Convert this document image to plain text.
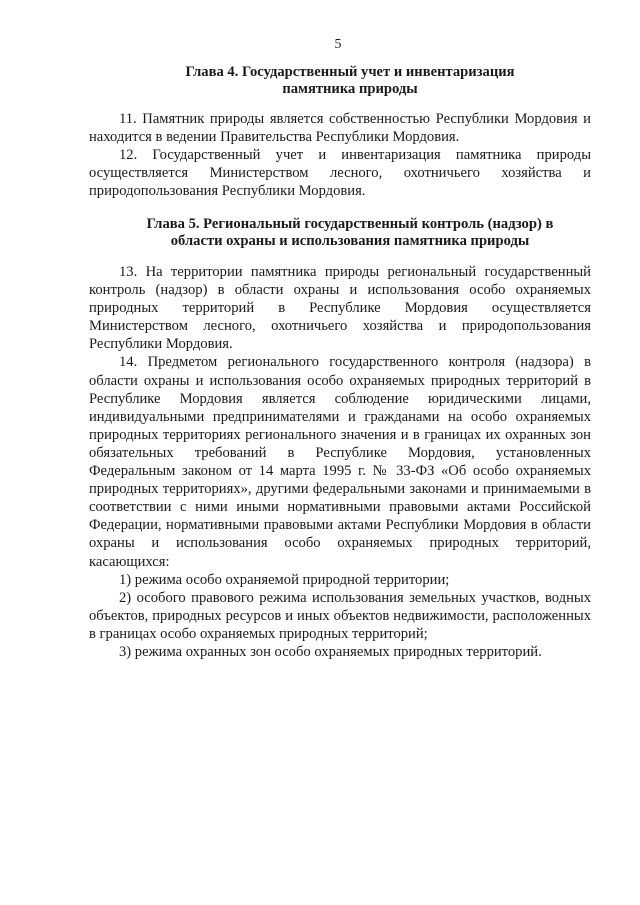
5
Глава 4. Государственный учет и инвентаризация
памятника природы

11. Памятник природы является собственностью Республики Мордовия и находится в ведении Правительства Республики Мордовия.

12. Государственный учет и инвентаризация памятника природы осуществляется Министерством лесного, охотничьего хозяйства и природопользования Республики Мордовия.

Глава 5. Региональный государственный контроль (надзор) в
области охраны и использования памятника природы

13. На территории памятника природы региональный государственный контроль (надзор) в области охраны и использования особо охраняемых природных территорий в Республике Мордовия осуществляется Министерством лесного, охотничьего хозяйства и природопользования Республики Мордовия.

14. Предметом регионального государственного контроля (надзора) в области охраны и использования особо охраняемых природных территорий в Республике Мордовия является соблюдение юридическими лицами, индивидуальными предпринимателями и гражданами на особо охраняемых природных территориях регионального значения и в границах их охранных зон обязательных требований в Республике Мордовия, установленных Федеральным законом от 14 марта 1995 г. № 33-ФЗ «Об особо охраняемых природных территориях», другими федеральными законами и принимаемыми в соответствии с ними иными нормативными правовыми актами Российской Федерации, нормативными правовыми актами Республики Мордовия в области охраны и использования особо охраняемых природных территорий, касающихся:

1) режима особо охраняемой природной территории;

2) особого правового режима использования земельных участков, водных объектов, природных ресурсов и иных объектов недвижимости, расположенных в границах особо охраняемых природных территорий;

3) режима охранных зон особо охраняемых природных территорий.
